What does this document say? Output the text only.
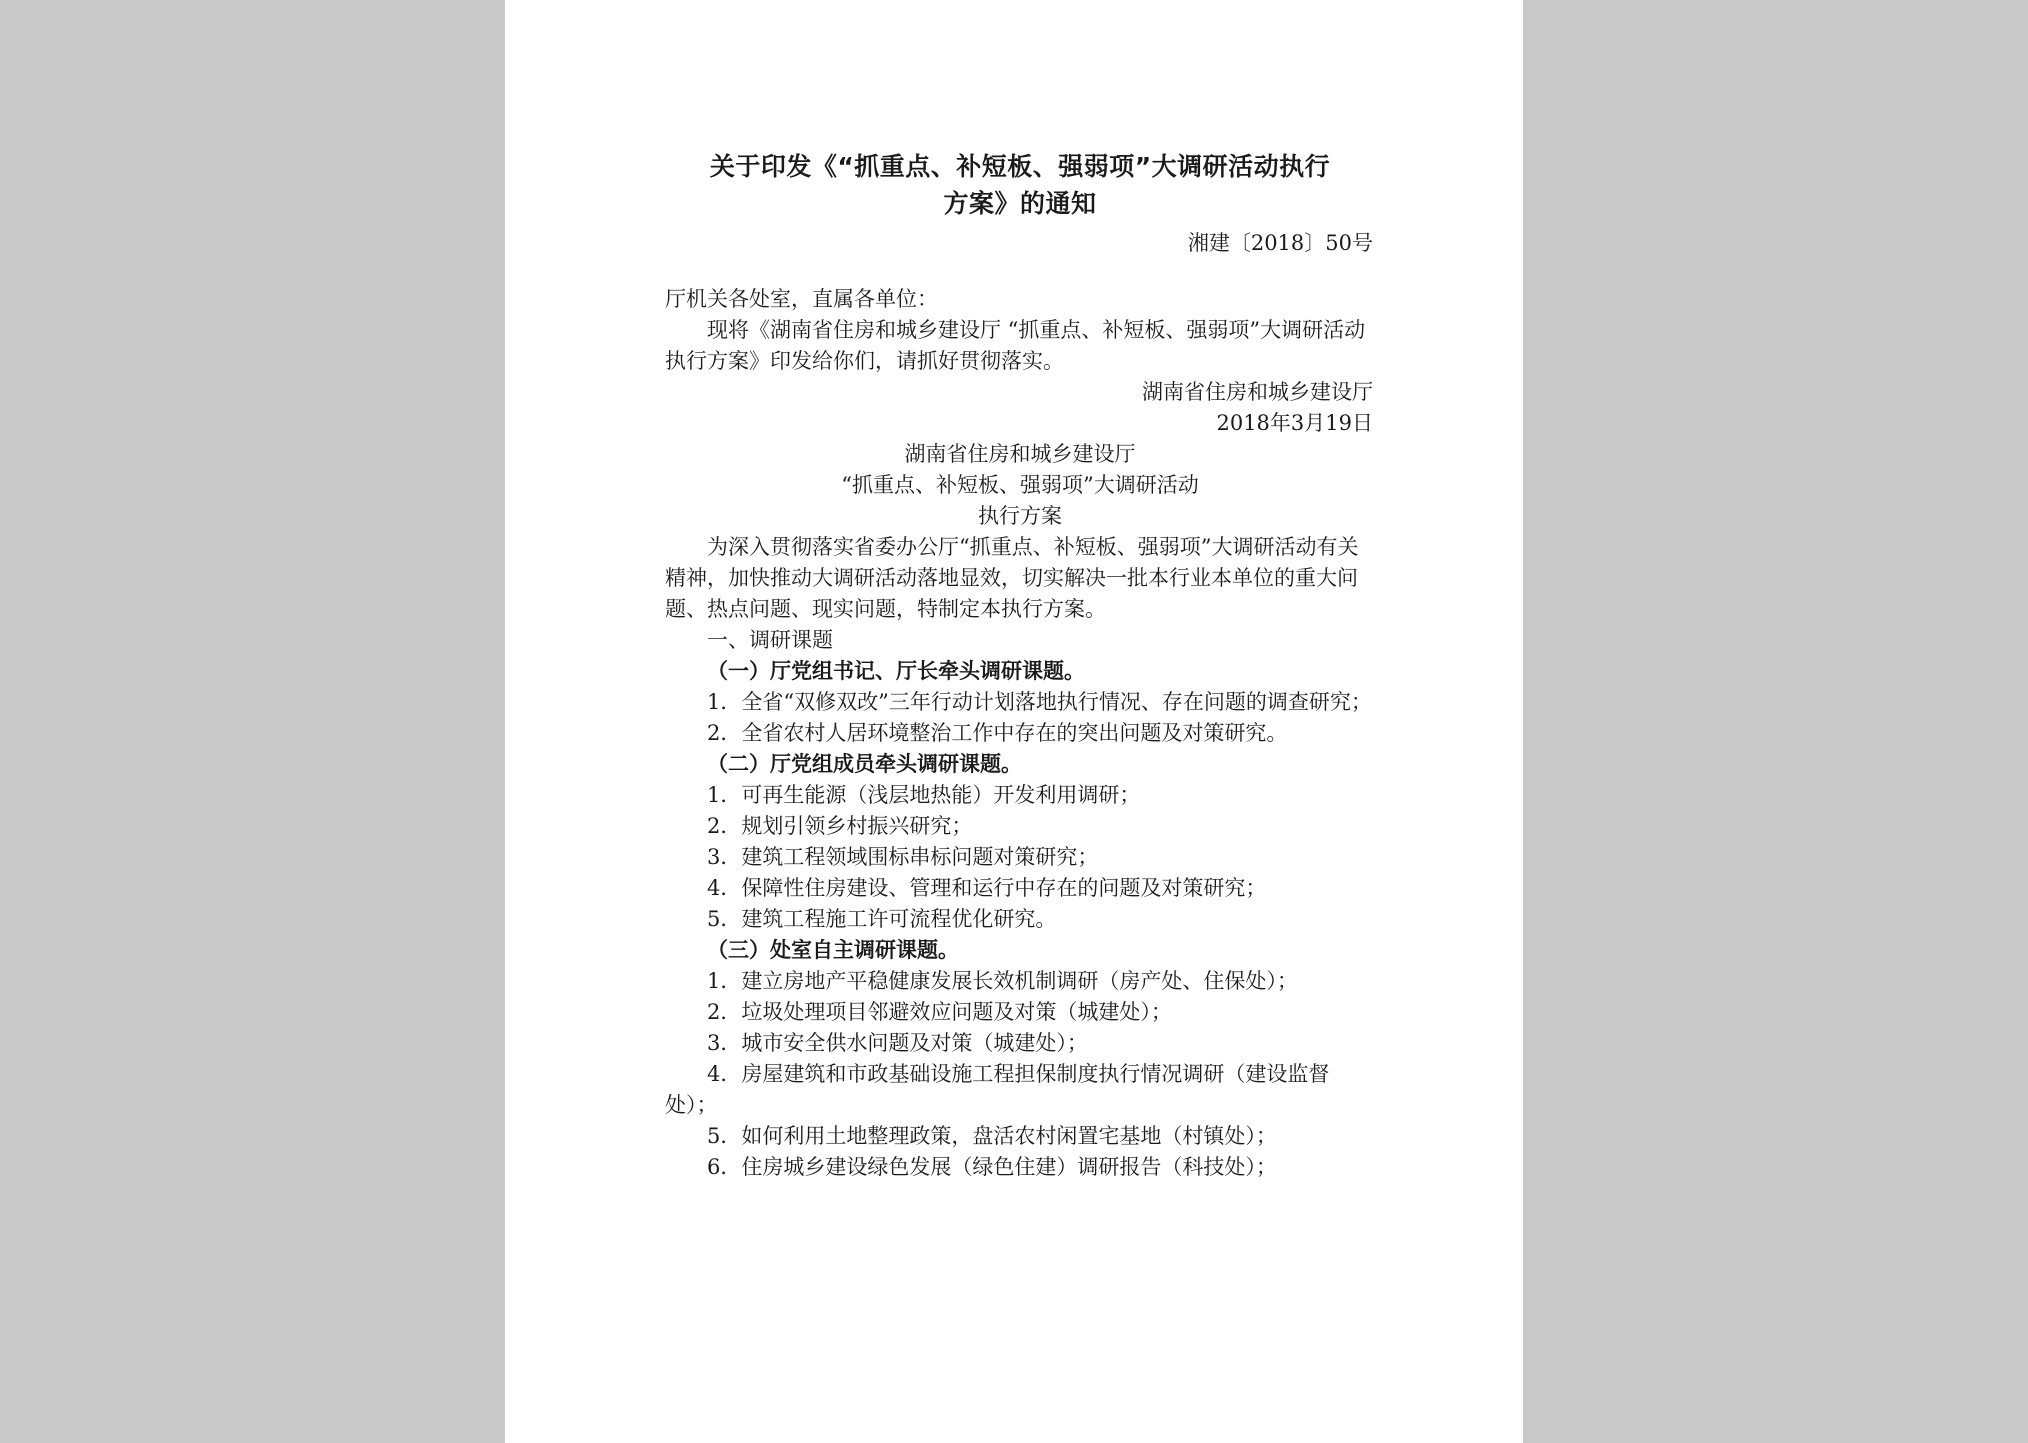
关于印发《“抓重点、补短板、强弱项”大调研活动执行
方案》的通知
湘建〔2018〕50号

厅机关各处室，直属各单位：

现将《湖南省住房和城乡建设厅 “抓重点、补短板、强弱项”大调研活动执行方案》印发给你们，请抓好贯彻落实。

湖南省住房和城乡建设厅

2018年3月19日

湖南省住房和城乡建设厅

“抓重点、补短板、强弱项”大调研活动

执行方案

为深入贯彻落实省委办公厅“抓重点、补短板、强弱项”大调研活动有关精神，加快推动大调研活动落地显效，切实解决一批本行业本单位的重大问题、热点问题、现实问题，特制定本执行方案。

一、调研课题

（一）厅党组书记、厅长牵头调研课题。

1．全省“双修双改”三年行动计划落地执行情况、存在问题的调查研究；

2．全省农村人居环境整治工作中存在的突出问题及对策研究。

（二）厅党组成员牵头调研课题。

1．可再生能源（浅层地热能）开发利用调研；

2．规划引领乡村振兴研究；

3．建筑工程领域围标串标问题对策研究；

4．保障性住房建设、管理和运行中存在的问题及对策研究；

5．建筑工程施工许可流程优化研究。

（三）处室自主调研课题。

1．建立房地产平稳健康发展长效机制调研（房产处、住保处）；

2．垃圾处理项目邻避效应问题及对策（城建处）；

3．城市安全供水问题及对策（城建处）；

4．房屋建筑和市政基础设施工程担保制度执行情况调研（建设监督处）；

5．如何利用土地整理政策，盘活农村闲置宅基地（村镇处）；

6．住房城乡建设绿色发展（绿色住建）调研报告（科技处）；
